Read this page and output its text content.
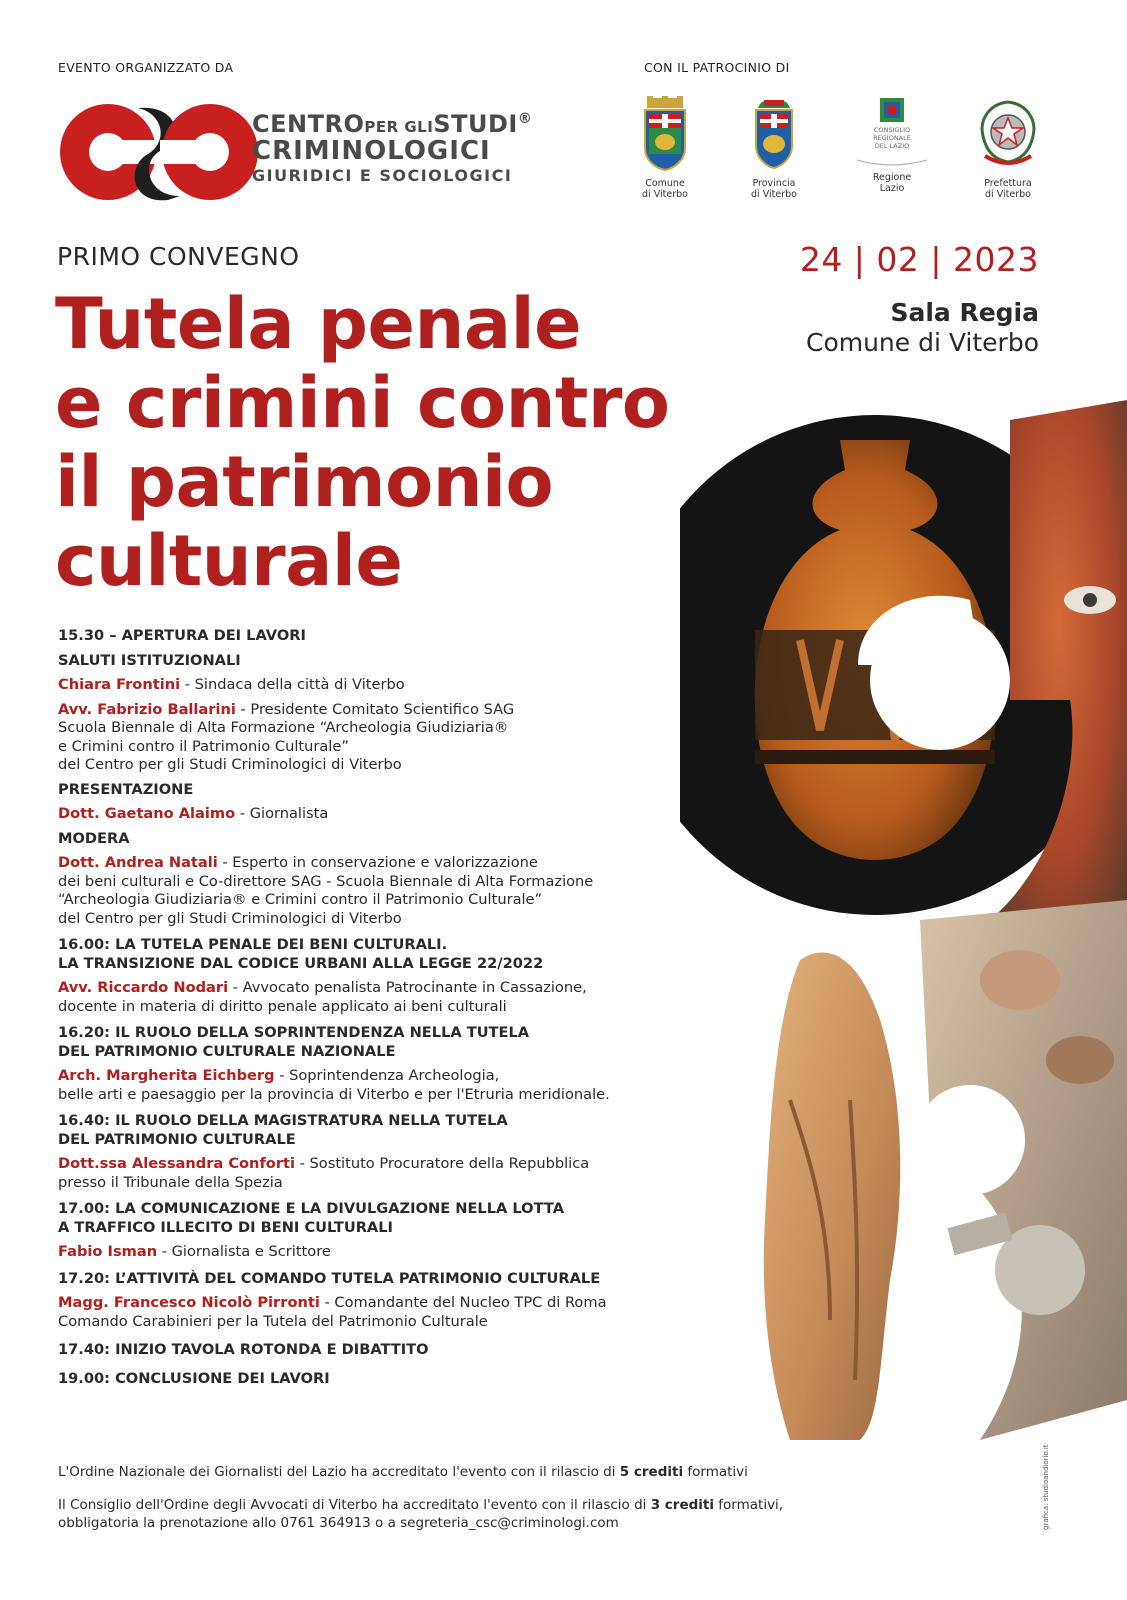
EVENTO ORGANIZZATO DA
CENTROPER GLISTUDI®
CRIMINOLOGICI
GIURIDICI E SOCIOLOGICI
CON IL PATROCINIO DI
Comune
di Viterbo
Provincia
di Viterbo
CONSIGLIO
REGIONALE
DEL LAZIO
Regione
Lazio	Prefettura
di Viterbo
PRIMO CONVEGNO	24 | 02 | 2023
Sala Regia
Comune di Viterbo
Tutela penale
e crimini contro
il patrimonio
culturale
15.30 – APERTURA DEI LAVORI
SALUTI ISTITUZIONALI
Chiara Frontini - Sindaca della città di Viterbo
Avv. Fabrizio Ballarini - Presidente Comitato Scientifico SAG
Scuola Biennale di Alta Formazione “Archeologia Giudiziaria®
e Crimini contro il Patrimonio Culturale”
del Centro per gli Studi Criminologici di Viterbo
PRESENTAZIONE
Dott. Gaetano Alaimo - Giornalista
MODERA
Dott. Andrea Natali - Esperto in conservazione e valorizzazione
dei beni culturali e Co-direttore SAG - Scuola Biennale di Alta Formazione
“Archeologia Giudiziaria® e Crimini contro il Patrimonio Culturale”
del Centro per gli Studi Criminologici di Viterbo
16.00: LA TUTELA PENALE DEI BENI CULTURALI.
LA TRANSIZIONE DAL CODICE URBANI ALLA LEGGE 22/2022
Avv. Riccardo Nodari - Avvocato penalista Patrocinante in Cassazione,
docente in materia di diritto penale applicato ai beni culturali
16.20: IL RUOLO DELLA SOPRINTENDENZA NELLA TUTELA
DEL PATRIMONIO CULTURALE NAZIONALE
Arch. Margherita Eichberg - Soprintendenza Archeologia,
belle arti e paesaggio per la provincia di Viterbo e per l'Etruria meridionale.
16.40: IL RUOLO DELLA MAGISTRATURA NELLA TUTELA
DEL PATRIMONIO CULTURALE
Dott.ssa Alessandra Conforti - Sostituto Procuratore della Repubblica
presso il Tribunale della Spezia
17.00: LA COMUNICAZIONE E LA DIVULGAZIONE NELLA LOTTA
A TRAFFICO ILLECITO DI BENI CULTURALI
Fabio Isman - Giornalista e Scrittore
17.20: L’ATTIVITÀ DEL COMANDO TUTELA PATRIMONIO CULTURALE
Magg. Francesco Nicolò Pirronti - Comandante del Nucleo TPC di Roma
Comando Carabinieri per la Tutela del Patrimonio Culturale
17.40: INIZIO TAVOLA ROTONDA E DIBATTITO
19.00: CONCLUSIONE DEI LAVORI
L'Ordine Nazionale dei Giornalisti del Lazio ha accreditato l'evento con il rilascio di 5 crediti formativi
Il Consiglio dell'Ordine degli Avvocati di Viterbo ha accreditato l'evento con il rilascio di 3 crediti formativi,
obbligatoria la prenotazione allo 0761 364913 o a segreteria_csc@criminologi.com	grafica: studioandiorio.it
